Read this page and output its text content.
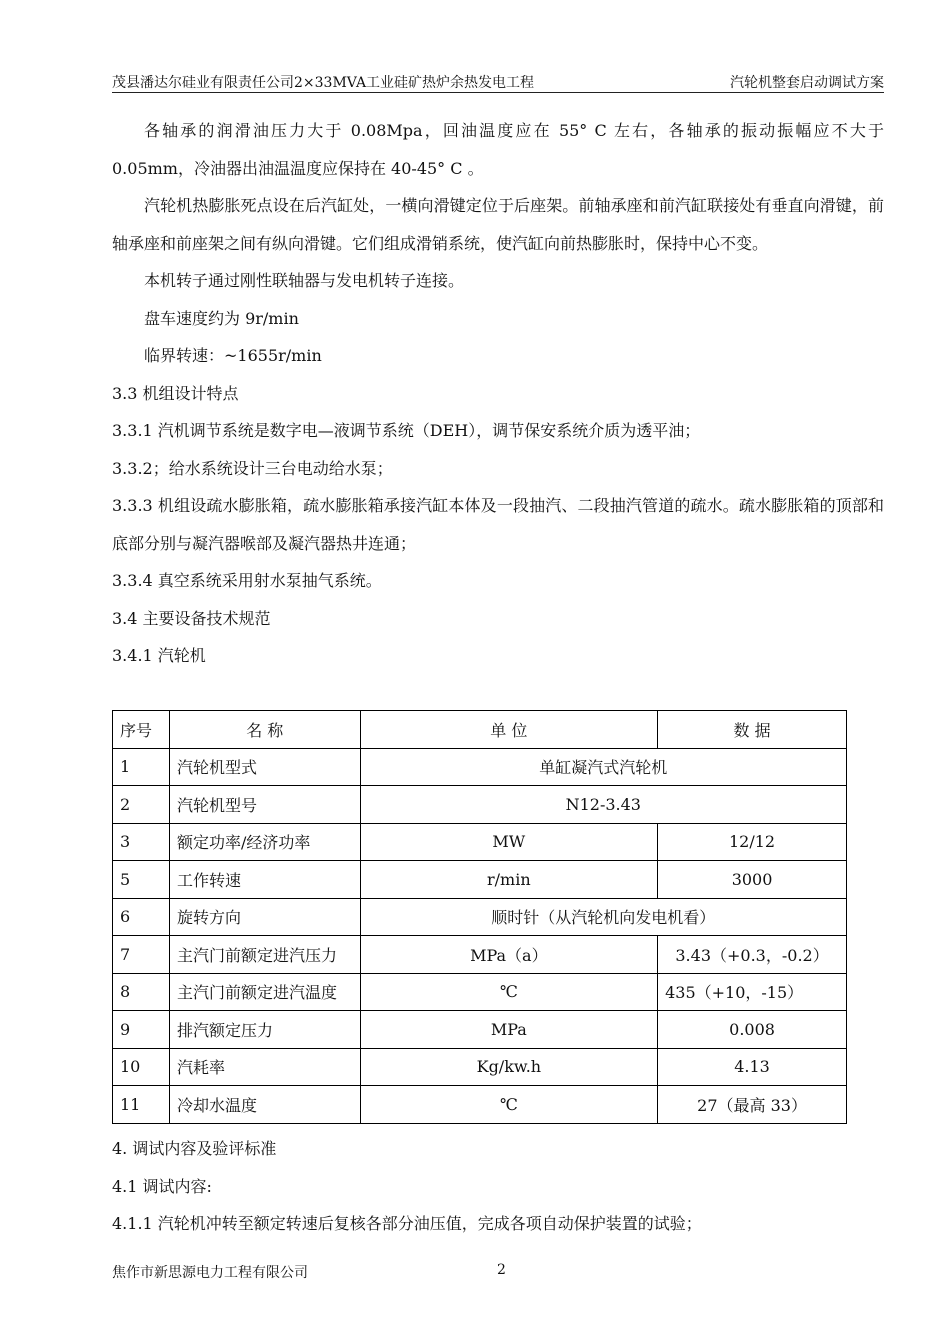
茂县潘达尔硅业有限责任公司2×33MVA工业硅矿热炉余热发电工程	汽轮机整套启动调试方案

各轴承的润滑油压力大于 0.08Mpa，回油温度应在 55° C 左右，各轴承的振动振幅应不大于 0.05mm，冷油器出油温温度应保持在 40-45° C 。

汽轮机热膨胀死点设在后汽缸处，一横向滑键定位于后座架。前轴承座和前汽缸联接处有垂直向滑键，前轴承座和前座架之间有纵向滑键。它们组成滑销系统，使汽缸向前热膨胀时，保持中心不变。

本机转子通过刚性联轴器与发电机转子连接。

盘车速度约为 9r/min

临界转速：~1655r/min

3.3 机组设计特点

3.3.1 汽机调节系统是数字电—液调节系统（DEH），调节保安系统介质为透平油；

3.3.2；给水系统设计三台电动给水泵；

3.3.3 机组设疏水膨胀箱，疏水膨胀箱承接汽缸本体及一段抽汽、二段抽汽管道的疏水。疏水膨胀箱的顶部和底部分别与凝汽器喉部及凝汽器热井连通；

3.3.4 真空系统采用射水泵抽气系统。

3.4 主要设备技术规范

3.4.1 汽轮机

序号	名 称	单 位	数 据
1	汽轮机型式	单缸凝汽式汽轮机	
2	汽轮机型号	N12-3.43	
3	额定功率/经济功率	MW	12/12
5	工作转速	r/min	3000
6	旋转方向	顺时针（从汽轮机向发电机看）	
7	主汽门前额定进汽压力	MPa（a）	3.43（+0.3，-0.2）
8	主汽门前额定进汽温度	℃	435（+10，-15）
9	排汽额定压力	MPa	0.008
10	汽耗率	Kg/kw.h	4.13
11	冷却水温度	℃	27（最高 33）

4. 调试内容及验评标准

4.1 调试内容:

4.1.1 汽轮机冲转至额定转速后复核各部分油压值，完成各项自动保护装置的试验；

焦作市新思源电力工程有限公司	2
